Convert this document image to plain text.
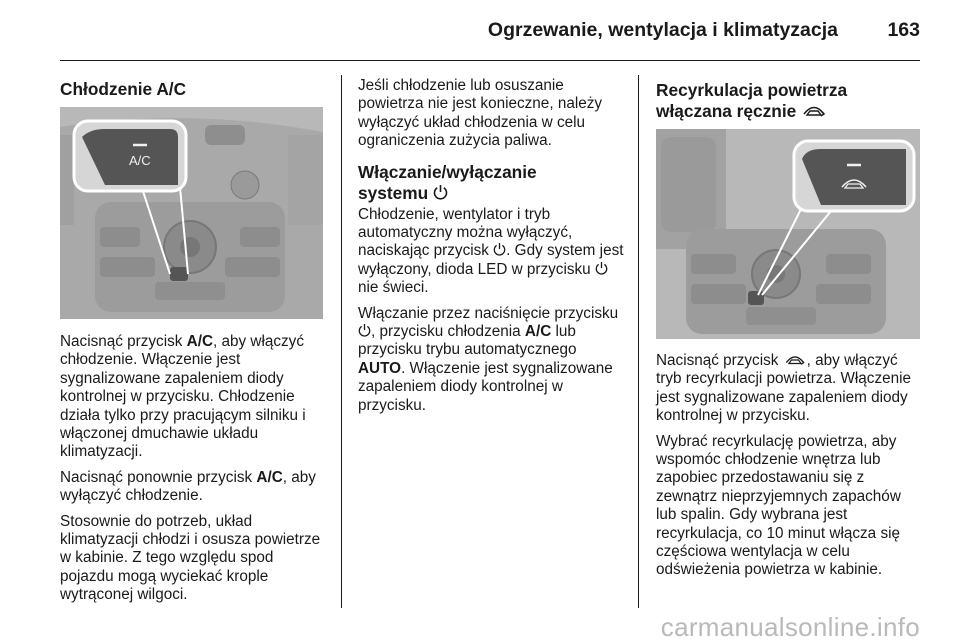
Ogrzewanie, wentylacja i klimatyzacja	163
Chłodzenie A/C
A/C

Nacisnąć przycisk A/C, aby włączyć chłodzenie. Włączenie jest sygnalizowane zapaleniem diody kontrolnej w przycisku. Chłodzenie działa tylko przy pracującym silniku i włączonej dmuchawie układu klimatyzacji.

Nacisnąć ponownie przycisk A/C, aby wyłączyć chłodzenie.

Stosownie do potrzeb, układ klimatyzacji chłodzi i osusza powietrze w kabinie. Z tego względu spod pojazdu mogą wyciekać krople wytrąconej wilgoci.

Jeśli chłodzenie lub osuszanie powietrza nie jest konieczne, należy wyłączyć układ chłodzenia w celu ograniczenia zużycia paliwa.

Włączanie/wyłączanie
systemu

Chłodzenie, wentylator i tryb automatyczny można wyłączyć, naciskając przycisk . Gdy system jest wyłączony, dioda LED w przycisku  nie świeci.

Włączanie przez naciśnięcie przycisku , przycisku chłodzenia A/C lub przycisku trybu automatycznego AUTO. Włączenie jest sygnalizowane zapaleniem diody kontrolnej w przycisku.

Recyrkulacja powietrza
włączana ręcznie

Nacisnąć przycisk , aby włączyć tryb recyrkulacji powietrza. Włączenie jest sygnalizowane zapaleniem diody kontrolnej w przycisku.

Wybrać recyrkulację powietrza, aby wspomóc chłodzenie wnętrza lub zapobiec przedostawaniu się z zewnątrz nieprzyjemnych zapachów lub spalin. Gdy wybrana jest recyrkulacja, co 10 minut włącza się częściowa wentylacja w celu odświeżenia powietrza w kabinie.

carmanualsonline.info
